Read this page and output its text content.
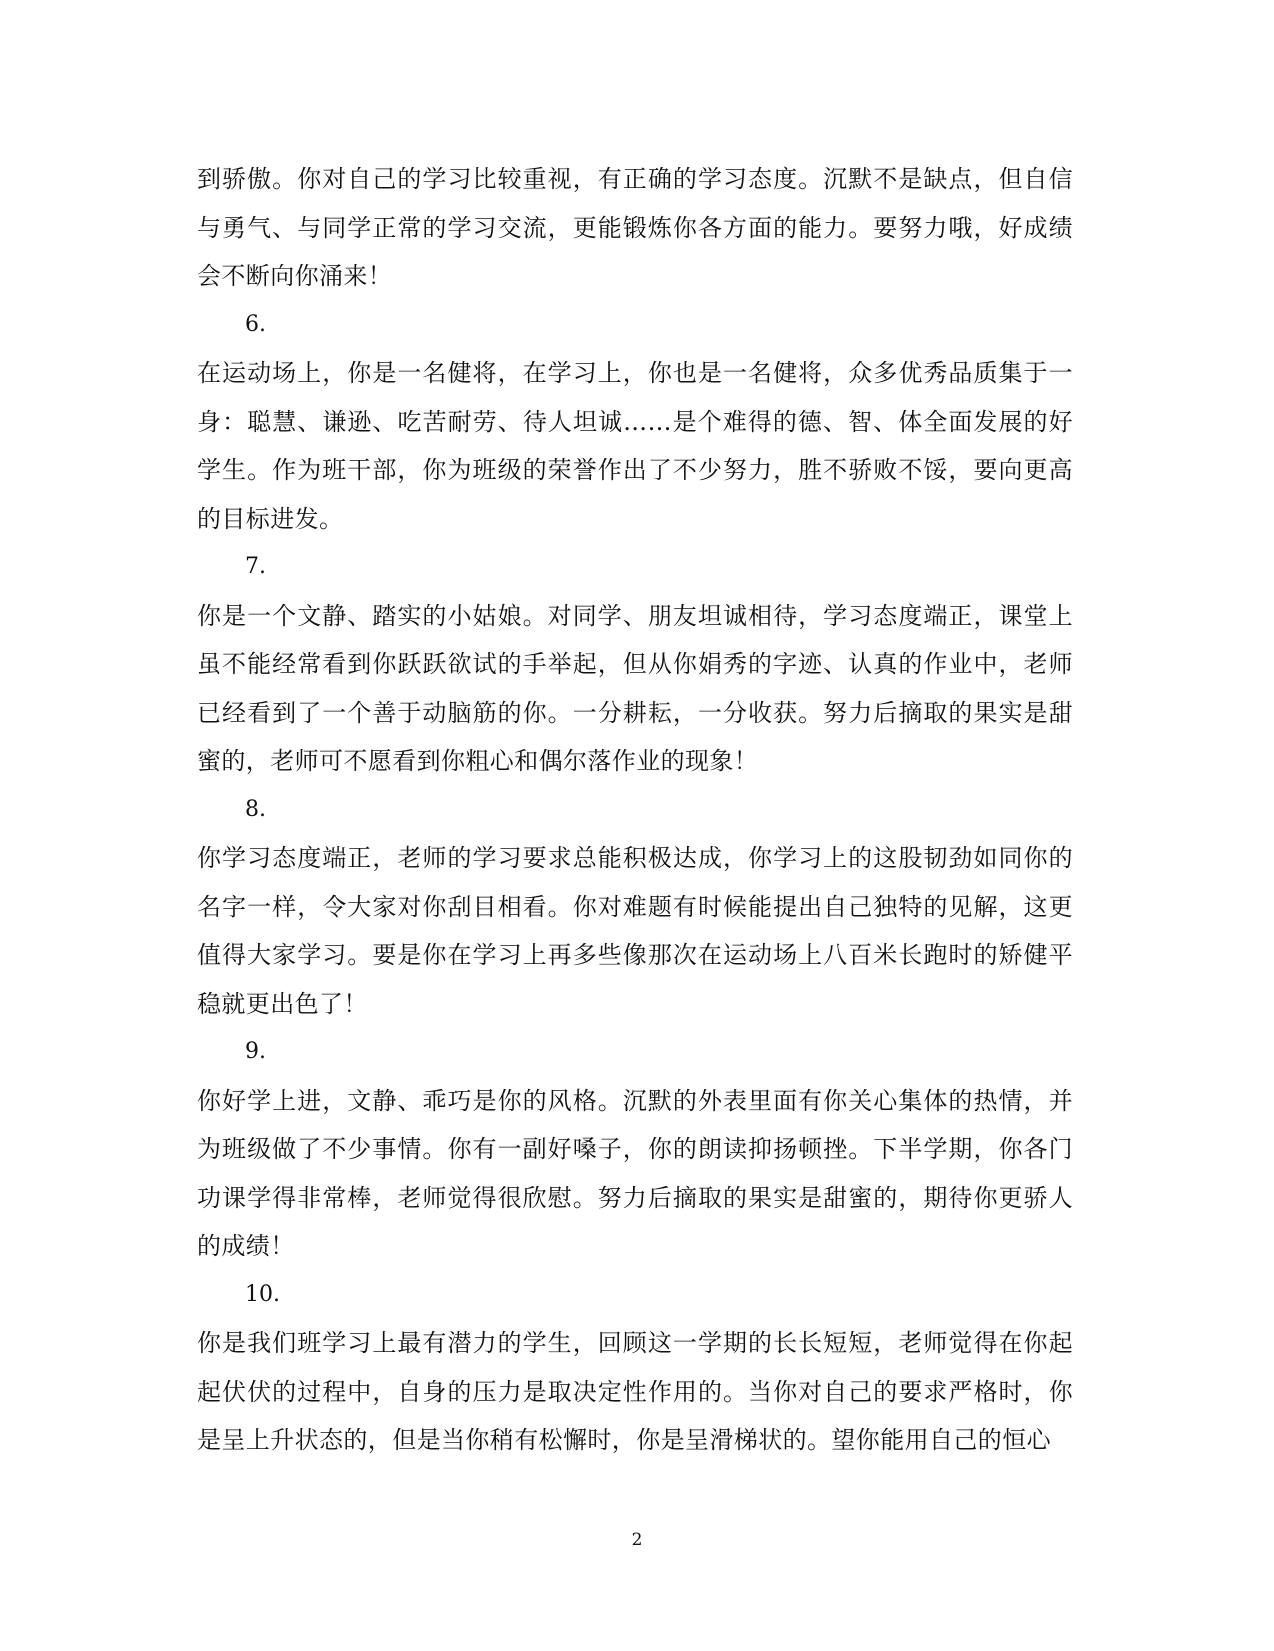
到骄傲。你对自己的学习比较重视，有正确的学习态度。沉默不是缺点，但自信与勇气、与同学正常的学习交流，更能锻炼你各方面的能力。要努力哦，好成绩会不断向你涌来！

6.

在运动场上，你是一名健将，在学习上，你也是一名健将，众多优秀品质集于一身：聪慧、谦逊、吃苦耐劳、待人坦诚……是个难得的德、智、体全面发展的好学生。作为班干部，你为班级的荣誉作出了不少努力，胜不骄败不馁，要向更高的目标进发。

7.

你是一个文静、踏实的小姑娘。对同学、朋友坦诚相待，学习态度端正，课堂上虽不能经常看到你跃跃欲试的手举起，但从你娟秀的字迹、认真的作业中，老师已经看到了一个善于动脑筋的你。一分耕耘，一分收获。努力后摘取的果实是甜蜜的，老师可不愿看到你粗心和偶尔落作业的现象！

8.

你学习态度端正，老师的学习要求总能积极达成，你学习上的这股韧劲如同你的名字一样，令大家对你刮目相看。你对难题有时候能提出自己独特的见解，这更值得大家学习。要是你在学习上再多些像那次在运动场上八百米长跑时的矫健平稳就更出色了！

9.

你好学上进，文静、乖巧是你的风格。沉默的外表里面有你关心集体的热情，并为班级做了不少事情。你有一副好嗓子，你的朗读抑扬顿挫。下半学期，你各门功课学得非常棒，老师觉得很欣慰。努力后摘取的果实是甜蜜的，期待你更骄人的成绩！

10.

你是我们班学习上最有潜力的学生，回顾这一学期的长长短短，老师觉得在你起起伏伏的过程中，自身的压力是取决定性作用的。当你对自己的要求严格时，你是呈上升状态的，但是当你稍有松懈时，你是呈滑梯状的。望你能用自己的恒心

2
